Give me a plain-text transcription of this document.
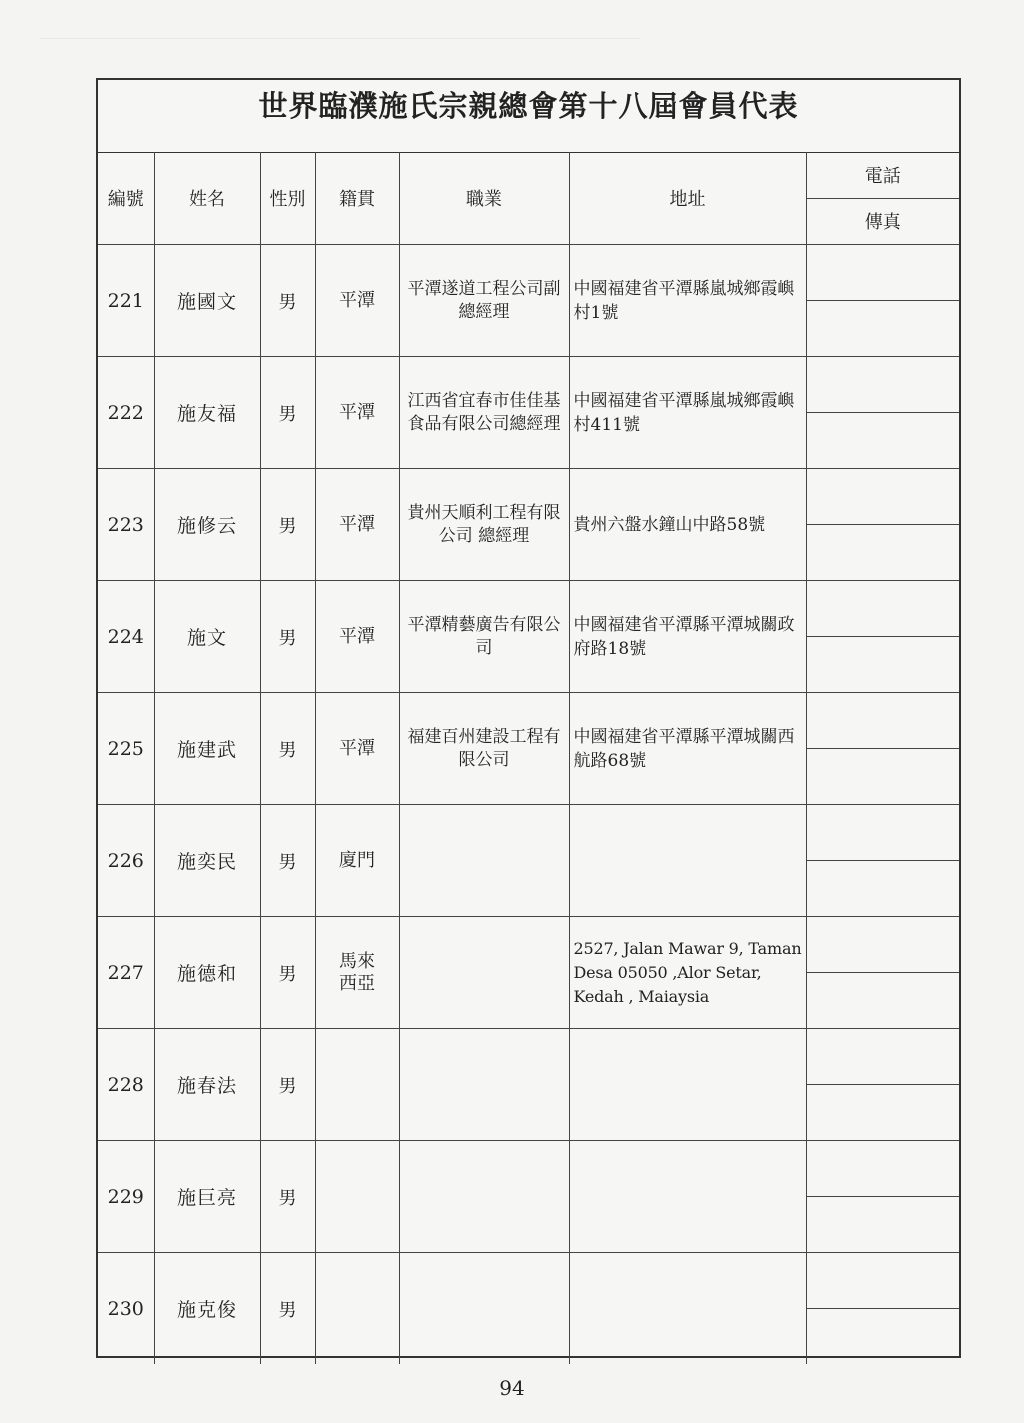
世界臨濮施氏宗親總會第十八屆會員代表
編號	姓名	性別	籍貫	職業	地址	電話
傳真

221	施國文	男	平潭	平潭遂道工程公司副總經理	中國福建省平潭縣嵐城鄉霞嶼村1號	

222	施友福	男	平潭	江西省宜春市佳佳基食品有限公司總經理	中國福建省平潭縣嵐城鄉霞嶼村411號	

223	施修云	男	平潭	貴州天順利工程有限公司 總經理	貴州六盤水鐘山中路58號	

224	施文	男	平潭	平潭精藝廣告有限公司	中國福建省平潭縣平潭城關政府路18號	

225	施建武	男	平潭	福建百州建設工程有限公司	中國福建省平潭縣平潭城關西航路68號	

226	施奕民	男	廈門			

227	施德和	男	馬來西亞		2527, Jalan Mawar 9, Taman Desa 05050 ,Alor Setar, Kedah , Maiaysia	

228	施春法	男				

229	施巨亮	男				

230	施克俊	男				
94
